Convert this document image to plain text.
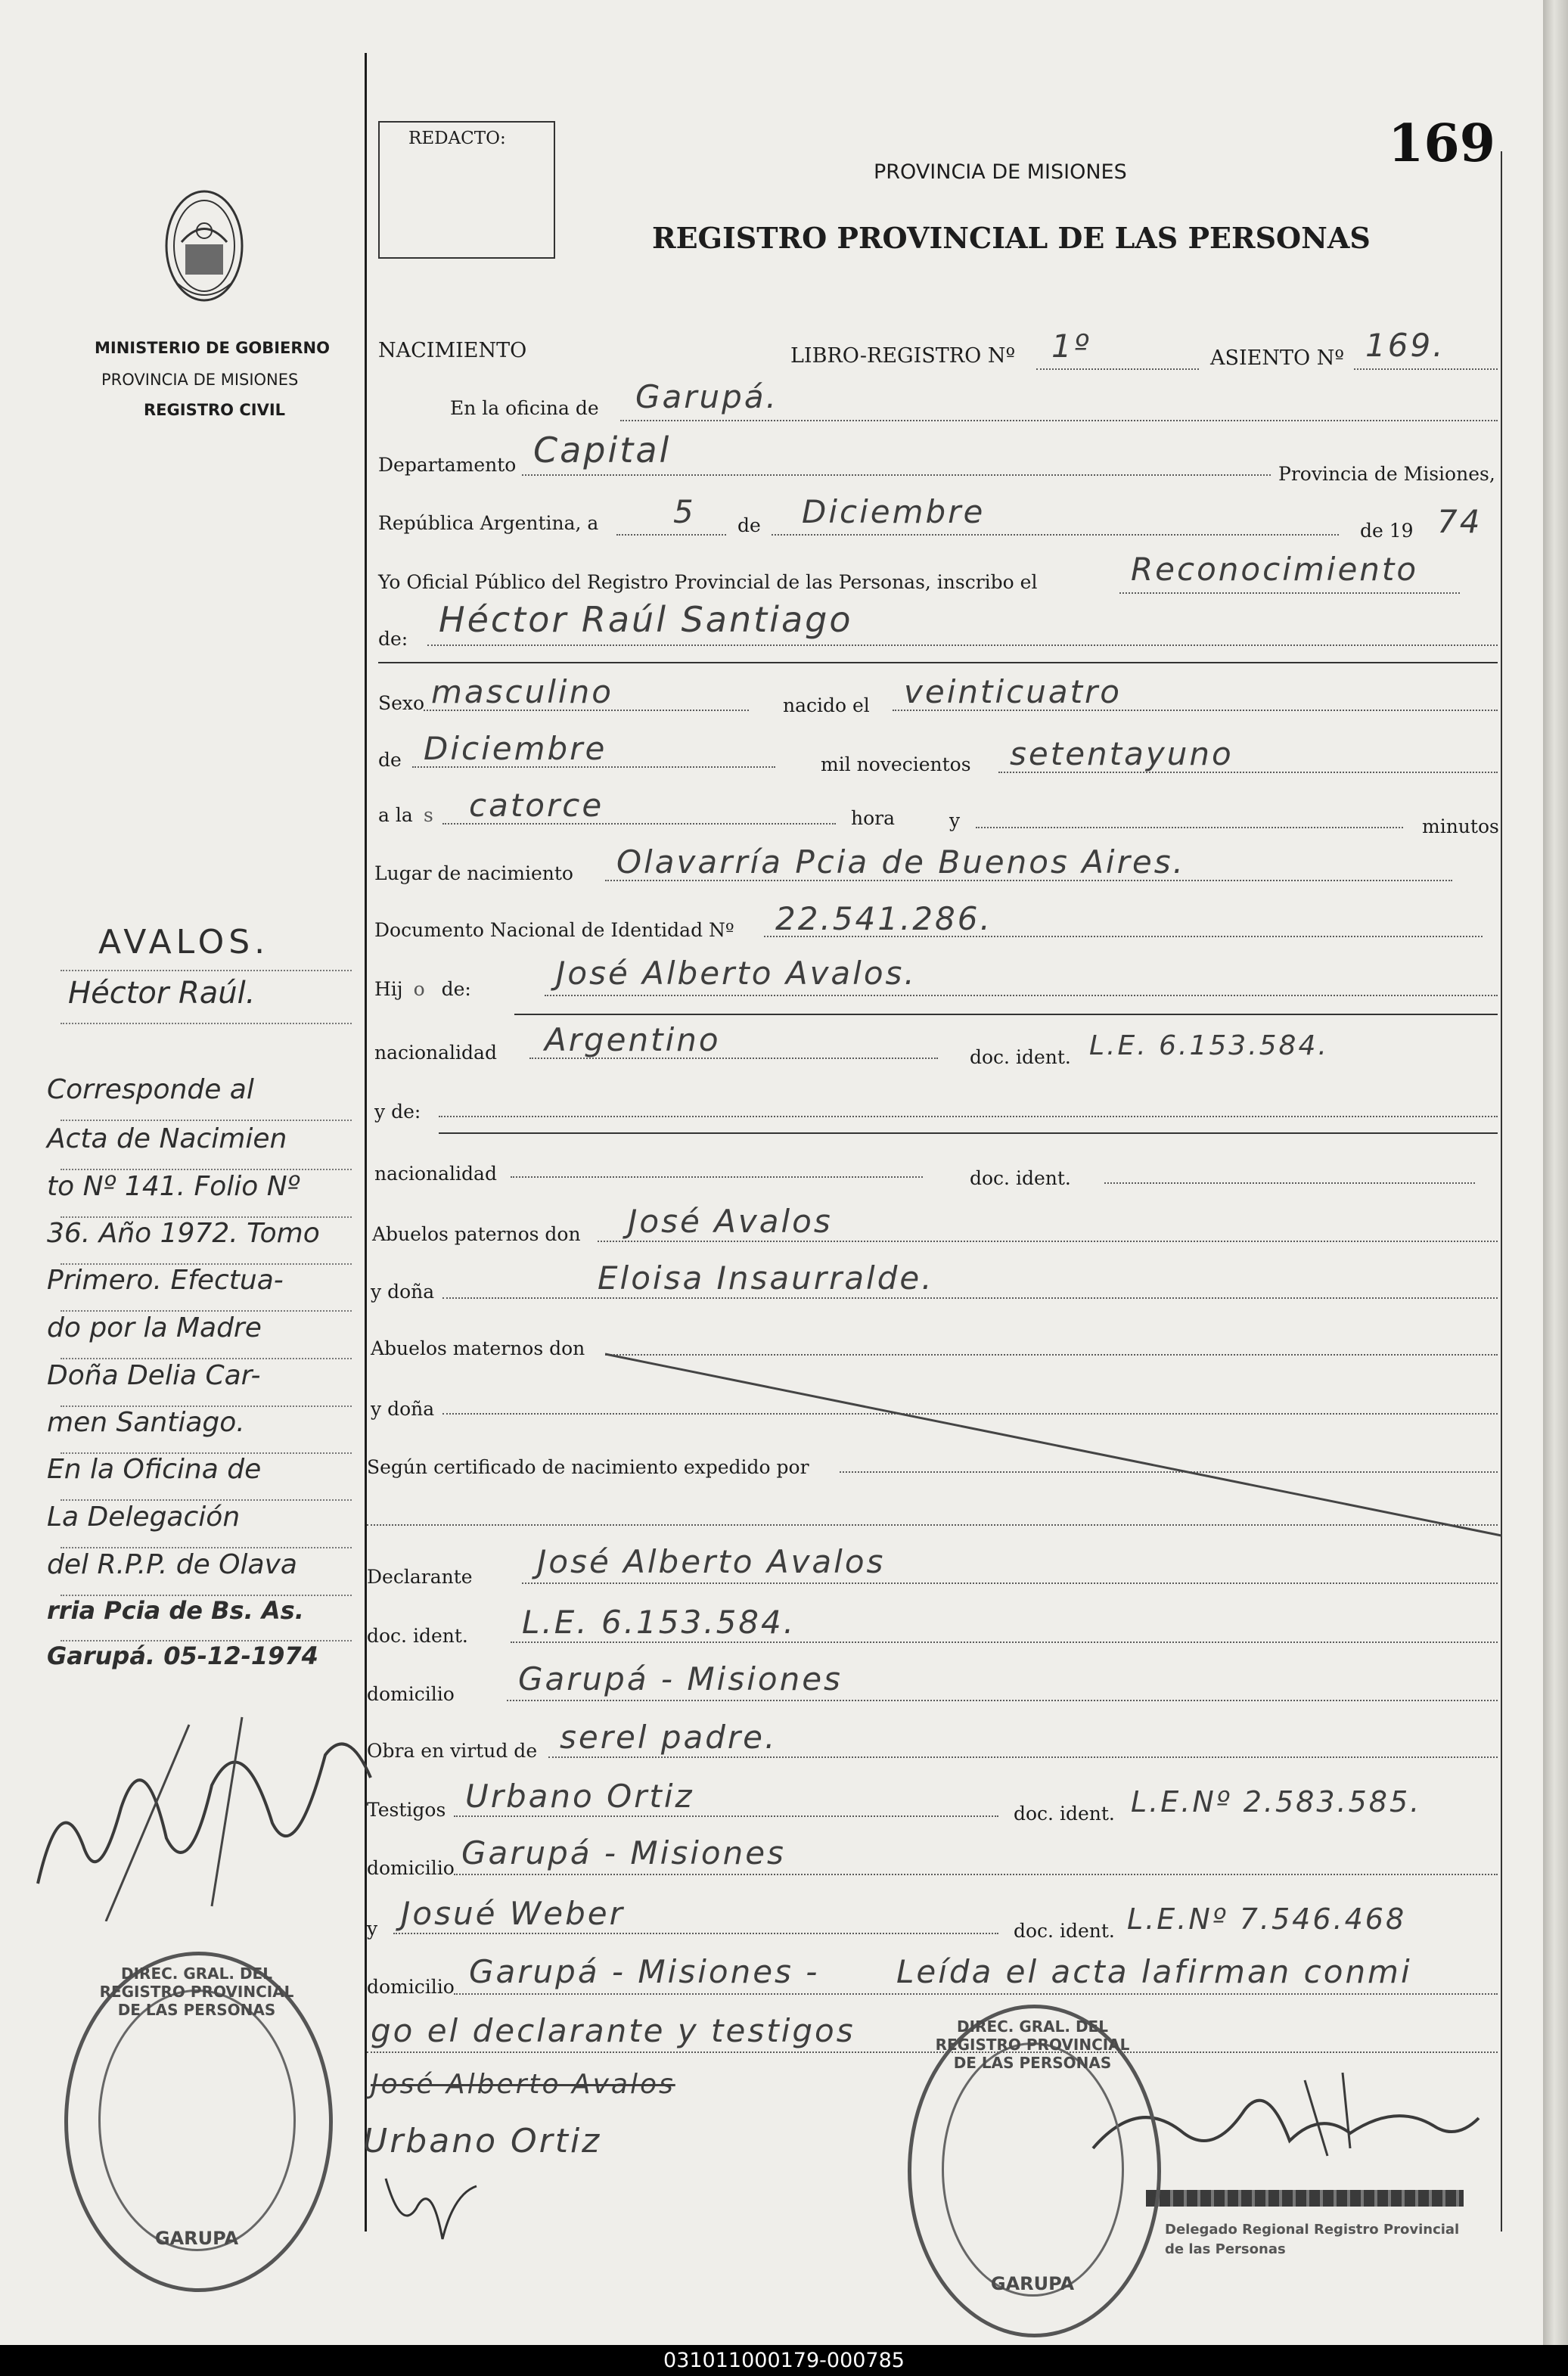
MINISTERIO DE GOBIERNO
PROVINCIA DE MISIONES
REGISTRO CIVIL
REDACTO:	169
PROVINCIA DE MISIONES
REGISTRO PROVINCIAL DE LAS PERSONAS
NACIMIENTO	LIBRO-REGISTRO Nº 1º	ASIENTO Nº 169.
En la oficina de Garupá.
Departamento Capital
Provincia de Misiones,
República Argentina, a 5 de Diciembre
de 19 74
Yo Oficial Público del Registro Provincial de las Personas, inscribo el	Reconocimiento
de: Héctor Raúl Santiago
Sexo masculino	nacido el veinticuatro
de Diciembre	mil novecientos setentayuno
a la s catorce	hora	y	minutos
Lugar de nacimiento Olavarría Pcia de Buenos Aires.
Documento Nacional de Identidad Nº 22.541.286.
Hij o de:	José Alberto Avalos.
nacionalidad Argentino	doc. ident. L.E. 6.153.584.
y de:
nacionalidad	doc. ident.
Abuelos paternos don José Avalos
y doña	Eloisa Insaurralde.
Abuelos maternos don
y doña
Según certificado de nacimiento expedido por
Declarante José Alberto Avalos
doc. ident. L.E. 6.153.584.
domicilio Garupá - Misiones
Obra en virtud de serel padre.
Testigos Urbano Ortiz	doc. ident. L.E.Nº 2.583.585.
domicilio Garupá - Misiones
y Josué Weber	doc. ident. L.E.Nº 7.546.468
domicilio Garupá - Misiones - Leída el acta lafirman conmi
go el declarante y testigos
José Alberto Avalos
Urbano Ortiz
Delegado Regional Registro Provincial de las Personas
DIREC. GRAL. DEL REGISTRO PROVINCIAL DE LAS PERSONAS
GARUPA
DIREC. GRAL. DEL REGISTRO PROVINCIAL DE LAS PERSONAS
GARUPA
AVALOS.
Héctor Raúl.
Corresponde al
Acta de Nacimien
to Nº 141. Folio Nº
36. Año 1972. Tomo
Primero. Efectua-
do por la Madre
Doña Delia Car-
men Santiago.
En la Oficina de
La Delegación
del R.P.P. de Olava
rria Pcia de Bs. As.
Garupá. 05-12-1974
031011000179-000785
